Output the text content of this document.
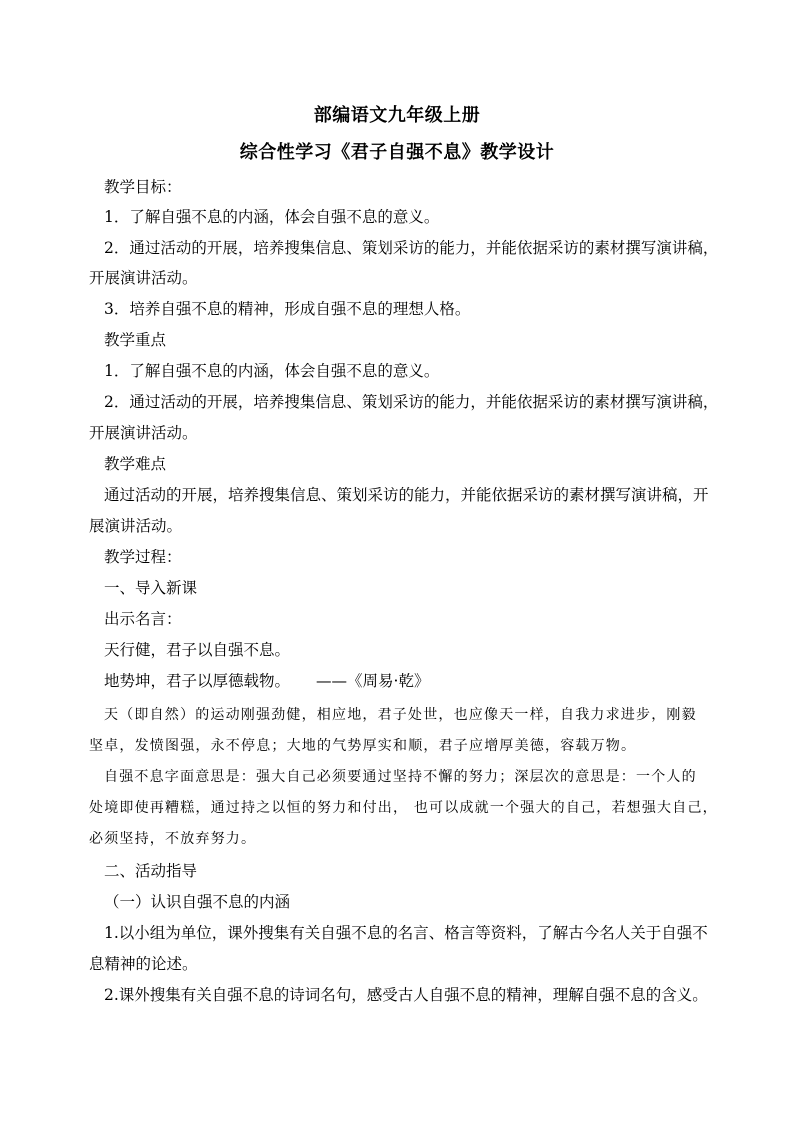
部编语文九年级上册
综合性学习《君子自强不息》教学设计
教学目标：
1．了解自强不息的内涵，体会自强不息的意义。
2．通过活动的开展，培养搜集信息、策划采访的能力，并能依据采访的素材撰写演讲稿，
开展演讲活动。
3．培养自强不息的精神，形成自强不息的理想人格。
教学重点
1．了解自强不息的内涵，体会自强不息的意义。
2．通过活动的开展，培养搜集信息、策划采访的能力，并能依据采访的素材撰写演讲稿，
开展演讲活动。
教学难点
通过活动的开展，培养搜集信息、策划采访的能力，并能依据采访的素材撰写演讲稿，开
展演讲活动。
教学过程：
一、导入新课
出示名言：
天行健，君子以自强不息。
地势坤，君子以厚德载物。 ——《周易·乾》
天（即自然）的运动刚强劲健，相应地，君子处世，也应像天一样，自我力求进步，刚毅
坚卓，发愤图强，永不停息；大地的气势厚实和顺，君子应增厚美德，容载万物。
自强不息字面意思是：强大自己必须要通过坚持不懈的努力；深层次的意思是：一个人的
处境即使再糟糕，通过持之以恒的努力和付出， 也可以成就一个强大的自己，若想强大自己，
必须坚持，不放弃努力。
二、活动指导
（一）认识自强不息的内涵
1.以小组为单位，课外搜集有关自强不息的名言、格言等资料，了解古今名人关于自强不
息精神的论述。
2.课外搜集有关自强不息的诗词名句，感受古人自强不息的精神，理解自强不息的含义。
